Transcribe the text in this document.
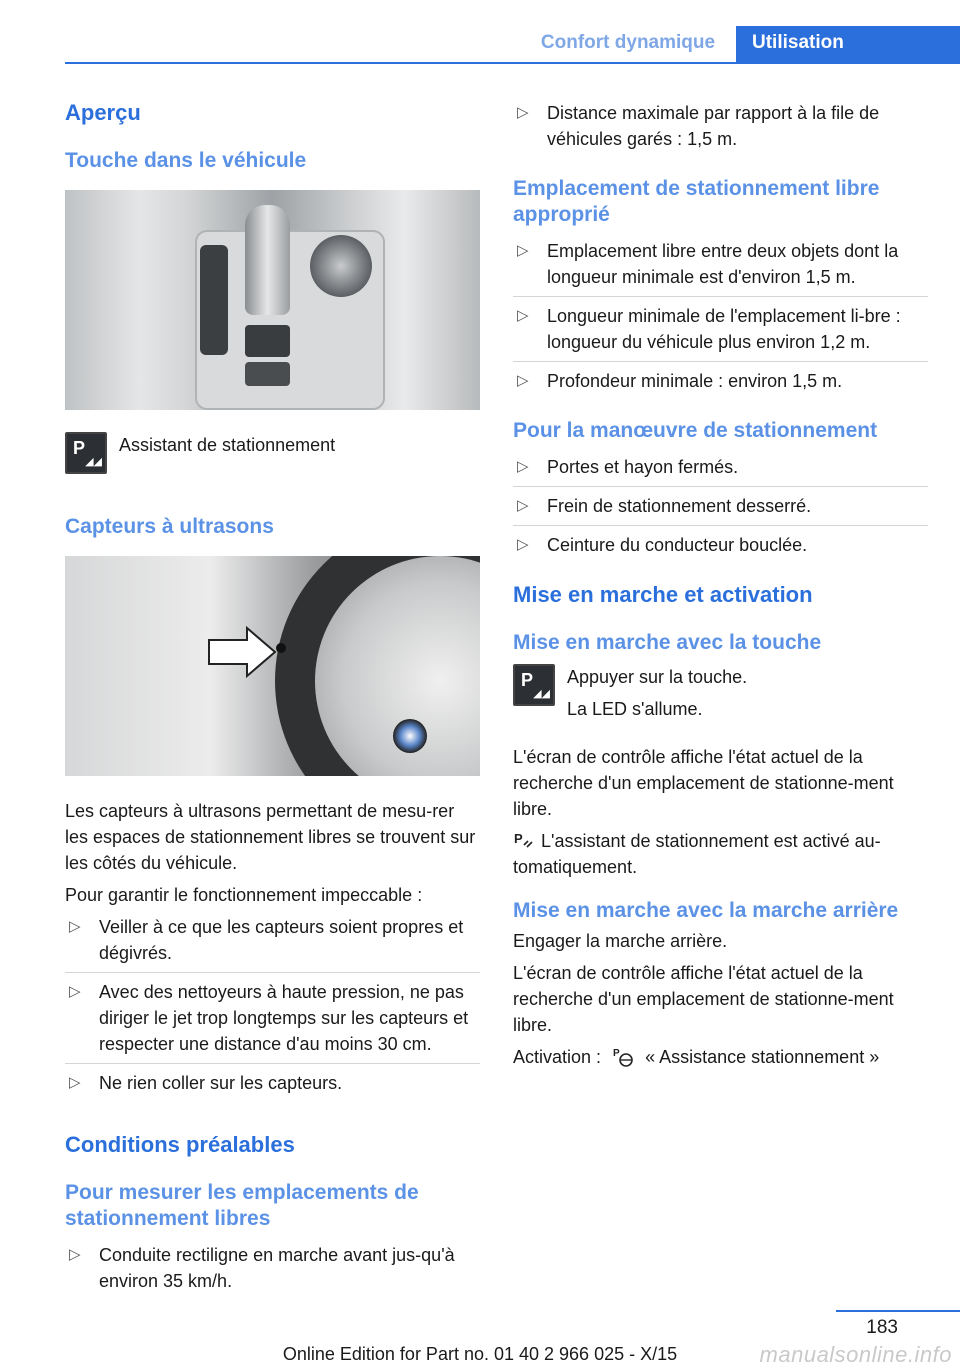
Confort dynamique	Utilisation
Aperçu
Touche dans le véhicule
P
◢◢

Assistant de stationnement

Capteurs à ultrasons

Les capteurs à ultrasons permettant de mesu-rer les espaces de stationnement libres se trouvent sur les côtés du véhicule.

Pour garantir le fonctionnement impeccable :

▷ Veiller à ce que les capteurs soient propres et dégivrés.
▷ Avec des nettoyeurs à haute pression, ne pas diriger le jet trop longtemps sur les capteurs et respecter une distance d'au moins 30 cm.
▷ Ne rien coller sur les capteurs.
Conditions préalables
Pour mesurer les emplacements de stationnement libres
▷ Conduite rectiligne en marche avant jus-qu'à environ 35 km/h.
▷ Distance maximale par rapport à la file de véhicules garés : 1,5 m.
Emplacement de stationnement libre approprié
▷ Emplacement libre entre deux objets dont la longueur minimale est d'environ 1,5 m.
▷ Longueur minimale de l'emplacement li-bre : longueur du véhicule plus environ 1,2 m.
▷ Profondeur minimale : environ 1,5 m.
Pour la manœuvre de stationnement
▷ Portes et hayon fermés.
▷ Frein de stationnement desserré.
▷ Ceinture du conducteur bouclée.
Mise en marche et activation
Mise en marche avec la touche
P
◢◢

Appuyer sur la touche.

La LED s'allume.

L'écran de contrôle affiche l'état actuel de la recherche d'un emplacement de stationne-ment libre.

P L'assistant de stationnement est activé au-tomatiquement.

Mise en marche avec la marche arrière

Engager la marche arrière.

L'écran de contrôle affiche l'état actuel de la recherche d'un emplacement de stationne-ment libre.

Activation : P « Assistance stationnement »

183
Online Edition for Part no. 01 40 2 966 025 - X/15	manualsonline.info
